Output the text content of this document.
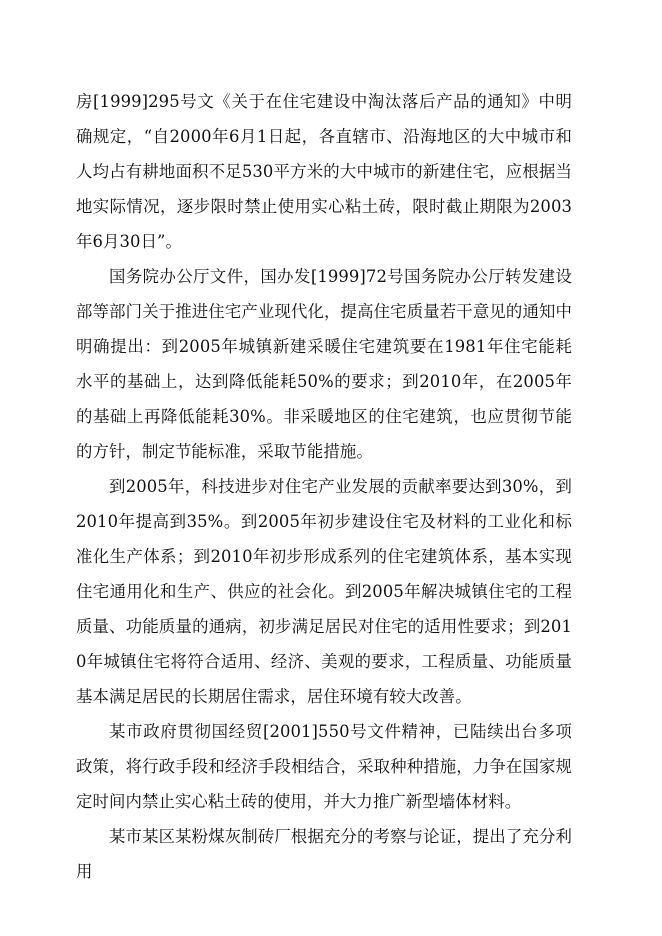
房[1999]295号文《关于在住宅建设中淘汰落后产品的通知》中明确规定，“自2000年6月1日起，各直辖市、沿海地区的大中城市和人均占有耕地面积不足530平方米的大中城市的新建住宅，应根据当地实际情况，逐步限时禁止使用实心粘土砖，限时截止期限为2003年6月30日”。

国务院办公厅文件，国办发[1999]72号国务院办公厅转发建设部等部门关于推进住宅产业现代化，提高住宅质量若干意见的通知中明确提出：到2005年城镇新建采暖住宅建筑要在1981年住宅能耗水平的基础上，达到降低能耗50%的要求；到2010年，在2005年的基础上再降低能耗30%。非采暖地区的住宅建筑，也应贯彻节能的方针，制定节能标准，采取节能措施。

到2005年，科技进步对住宅产业发展的贡献率要达到30%，到2010年提高到35%。到2005年初步建设住宅及材料的工业化和标准化生产体系；到2010年初步形成系列的住宅建筑体系，基本实现住宅通用化和生产、供应的社会化。到2005年解决城镇住宅的工程质量、功能质量的通病，初步满足居民对住宅的适用性要求；到2010年城镇住宅将符合适用、经济、美观的要求，工程质量、功能质量基本满足居民的长期居住需求，居住环境有较大改善。

某市政府贯彻国经贸[2001]550号文件精神，已陆续出台多项政策，将行政手段和经济手段相结合，采取种种措施，力争在国家规定时间内禁止实心粘土砖的使用，并大力推广新型墙体材料。

某市某区某粉煤灰制砖厂根据充分的考察与论证，提出了充分利用
